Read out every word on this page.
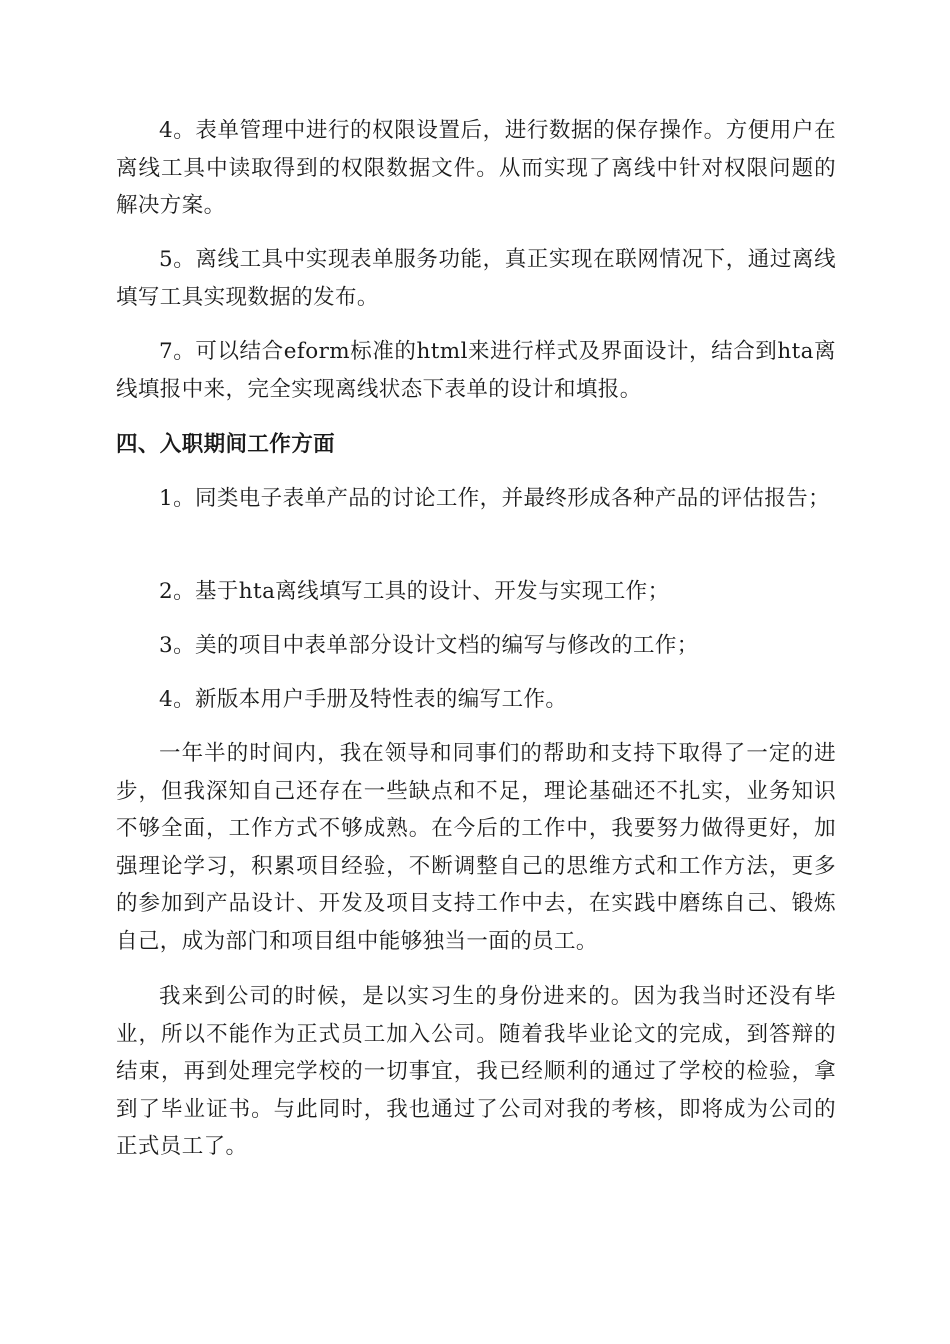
4。表单管理中进行的权限设置后，进行数据的保存操作。方便用户在离线工具中读取得到的权限数据文件。从而实现了离线中针对权限问题的解决方案。

5。离线工具中实现表单服务功能，真正实现在联网情况下，通过离线填写工具实现数据的发布。

7。可以结合eform标准的html来进行样式及界面设计，结合到hta离线填报中来，完全实现离线状态下表单的设计和填报。

四、入职期间工作方面

1。同类电子表单产品的讨论工作，并最终形成各种产品的评估报告；

2。基于hta离线填写工具的设计、开发与实现工作；

3。美的项目中表单部分设计文档的编写与修改的工作；

4。新版本用户手册及特性表的编写工作。

一年半的时间内，我在领导和同事们的帮助和支持下取得了一定的进步，但我深知自己还存在一些缺点和不足，理论基础还不扎实，业务知识不够全面，工作方式不够成熟。在今后的工作中，我要努力做得更好，加强理论学习，积累项目经验，不断调整自己的思维方式和工作方法，更多的参加到产品设计、开发及项目支持工作中去，在实践中磨练自己、锻炼自己，成为部门和项目组中能够独当一面的员工。

我来到公司的时候，是以实习生的身份进来的。因为我当时还没有毕业，所以不能作为正式员工加入公司。随着我毕业论文的完成，到答辩的结束，再到处理完学校的一切事宜，我已经顺利的通过了学校的检验，拿到了毕业证书。与此同时，我也通过了公司对我的考核，即将成为公司的正式员工了。
